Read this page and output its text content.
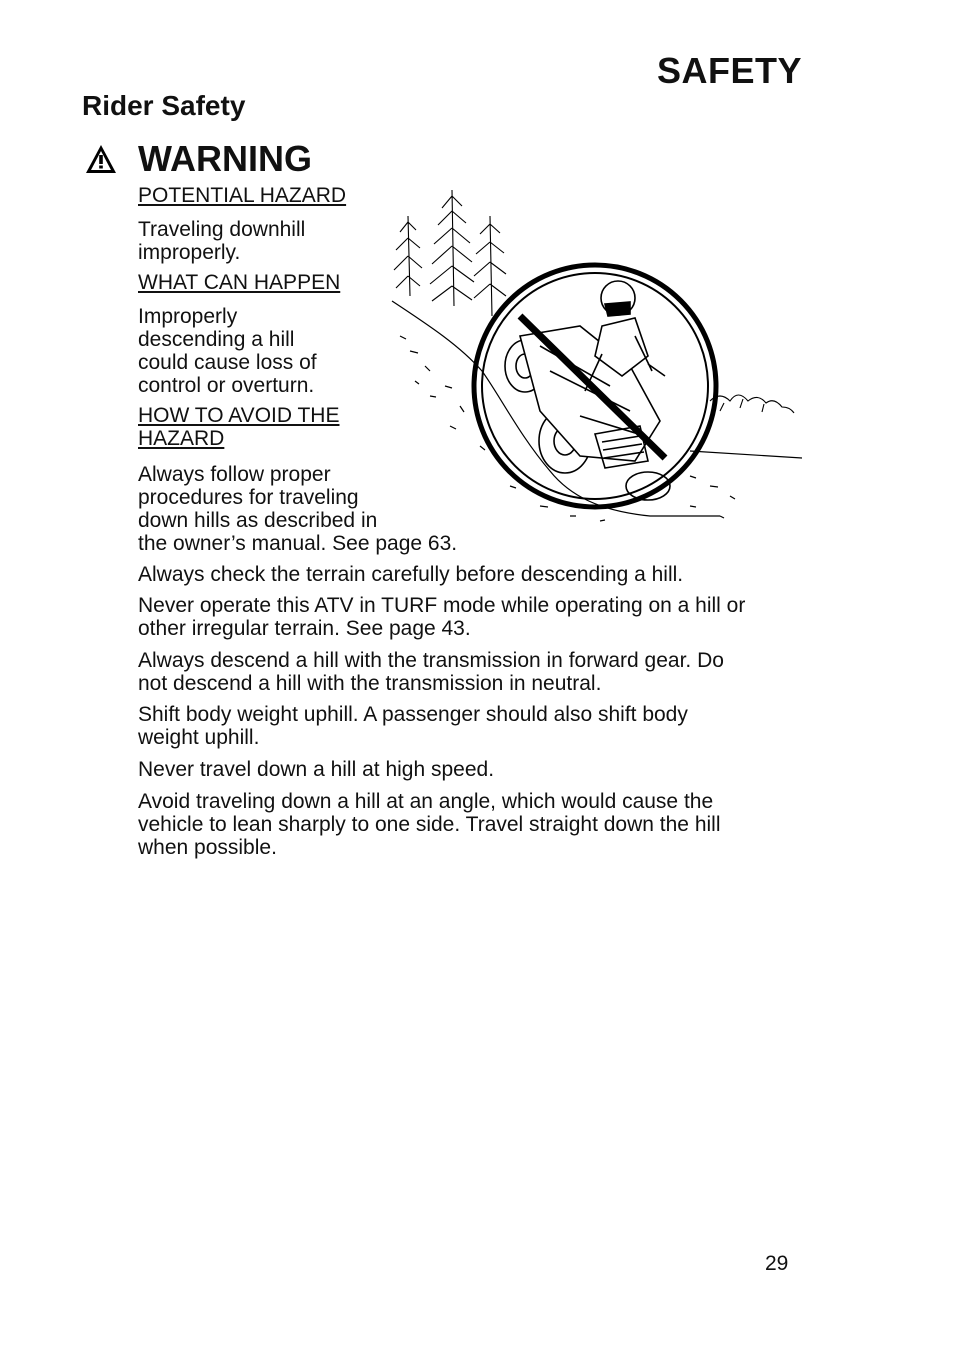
SAFETY
Rider Safety
WARNING
POTENTIAL HAZARD
Traveling downhill
improperly.
WHAT CAN HAPPEN
Improperly
descending a hill
could cause loss of
control or overturn.
HOW TO AVOID THE
HAZARD
Always follow proper
procedures for traveling
down hills as described in
the owner’s manual. See page 63.
Always check the terrain carefully before descending a hill.
Never operate this ATV in TURF mode while operating on a hill or
other irregular terrain. See page 43.
Always descend a hill with the transmission in forward gear. Do
not descend a hill with the transmission in neutral.
Shift body weight uphill. A passenger should also shift body
weight uphill.
Never travel down a hill at high speed.
Avoid traveling down a hill at an angle, which would cause the
vehicle to lean sharply to one side. Travel straight down the hill
when possible.
29
